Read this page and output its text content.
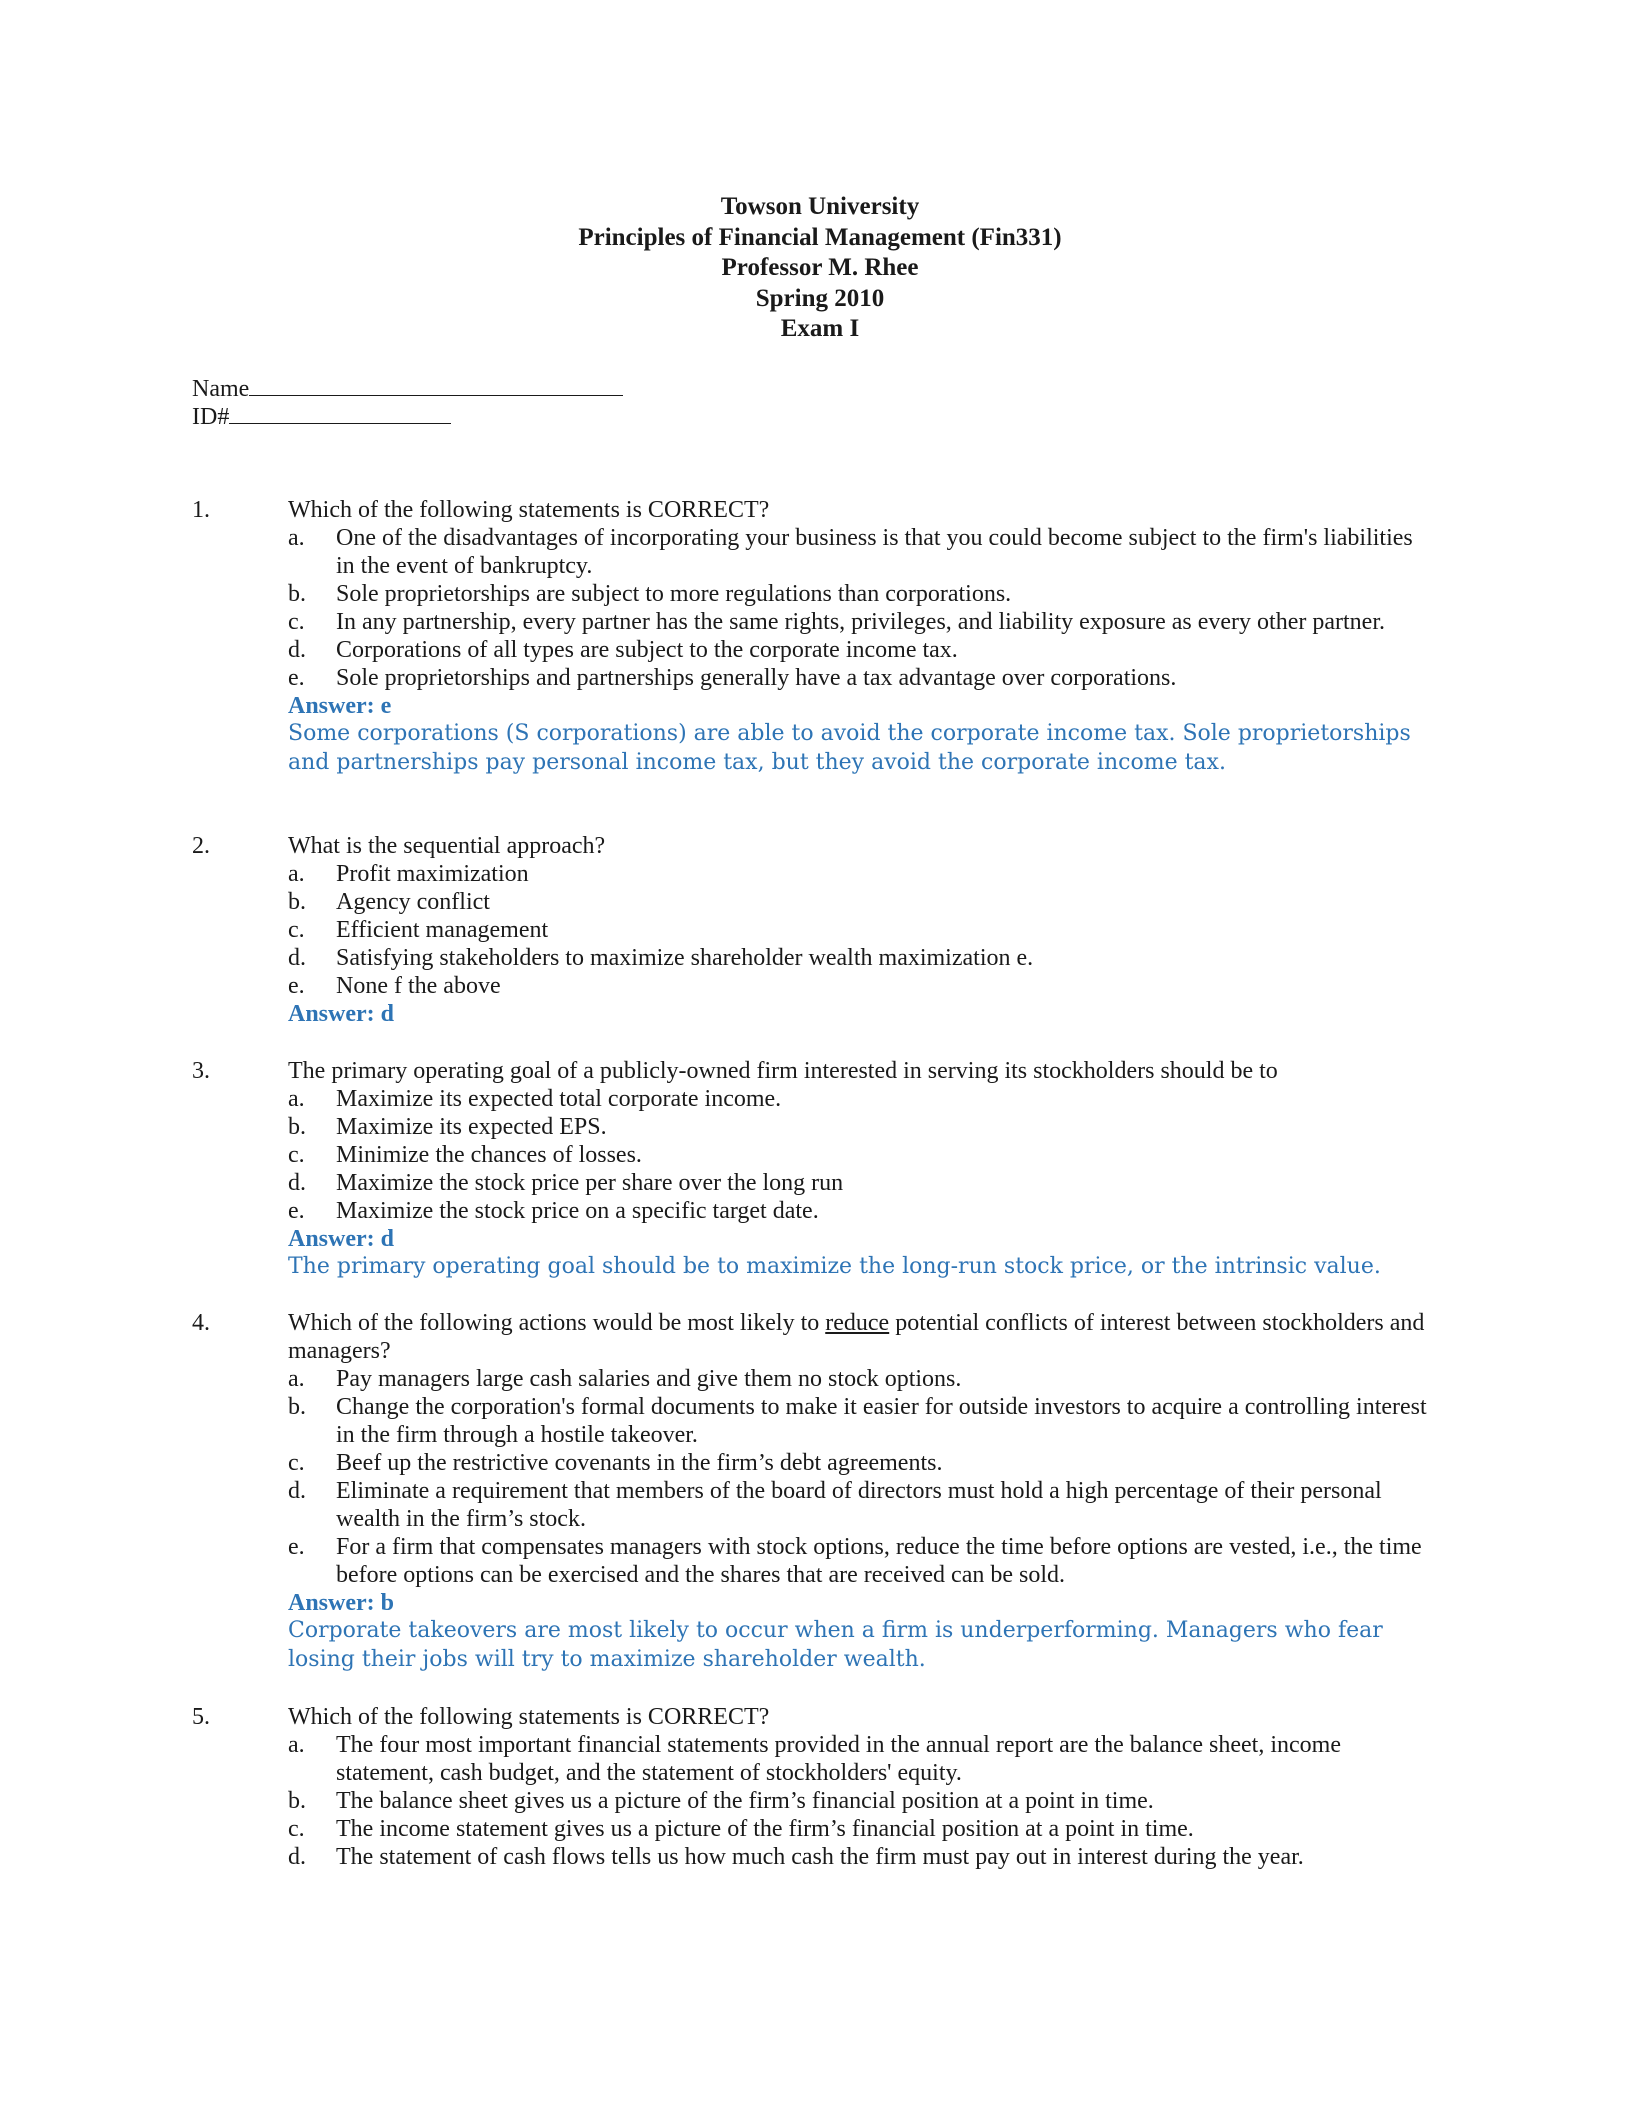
Towson University
Principles of Financial Management (Fin331)
Professor M. Rhee
Spring 2010
Exam I
Name
ID#
1.	Which of the following statements is CORRECT?
a.	One of the disadvantages of incorporating your business is that you could become subject to the firm's liabilities in the event of bankruptcy.
b.	Sole proprietorships are subject to more regulations than corporations.
c.	In any partnership, every partner has the same rights, privileges, and liability exposure as every other partner.
d.	Corporations of all types are subject to the corporate income tax.
e.	Sole proprietorships and partnerships generally have a tax advantage over corporations.
Answer: e
Some corporations (S corporations) are able to avoid the corporate income tax. Sole proprietorships and partnerships pay personal income tax, but they avoid the corporate income tax.
2.	What is the sequential approach?
a.	Profit maximization
b.	Agency conflict
c.	Efficient management
d.	Satisfying stakeholders to maximize shareholder wealth maximization e.
e.	None f the above
Answer: d
3.	The primary operating goal of a publicly-owned firm interested in serving its stockholders should be to
a.	Maximize its expected total corporate income.
b.	Maximize its expected EPS.
c.	Minimize the chances of losses.
d.	Maximize the stock price per share over the long run
e.	Maximize the stock price on a specific target date.
Answer: d
The primary operating goal should be to maximize the long-run stock price, or the intrinsic value.
4.	Which of the following actions would be most likely to reduce potential conflicts of interest between stockholders and managers?
a.	Pay managers large cash salaries and give them no stock options.
b.	Change the corporation's formal documents to make it easier for outside investors to acquire a controlling interest in the firm through a hostile takeover.
c.	Beef up the restrictive covenants in the firm’s debt agreements.
d.	Eliminate a requirement that members of the board of directors must hold a high percentage of their personal wealth in the firm’s stock.
e.	For a firm that compensates managers with stock options, reduce the time before options are vested, i.e., the time before options can be exercised and the shares that are received can be sold.
Answer: b
Corporate takeovers are most likely to occur when a firm is underperforming. Managers who fear losing their jobs will try to maximize shareholder wealth.
5.	Which of the following statements is CORRECT?
a.	The four most important financial statements provided in the annual report are the balance sheet, income statement, cash budget, and the statement of stockholders' equity.
b.	The balance sheet gives us a picture of the firm’s financial position at a point in time.
c.	The income statement gives us a picture of the firm’s financial position at a point in time.
d.	The statement of cash flows tells us how much cash the firm must pay out in interest during the year.
